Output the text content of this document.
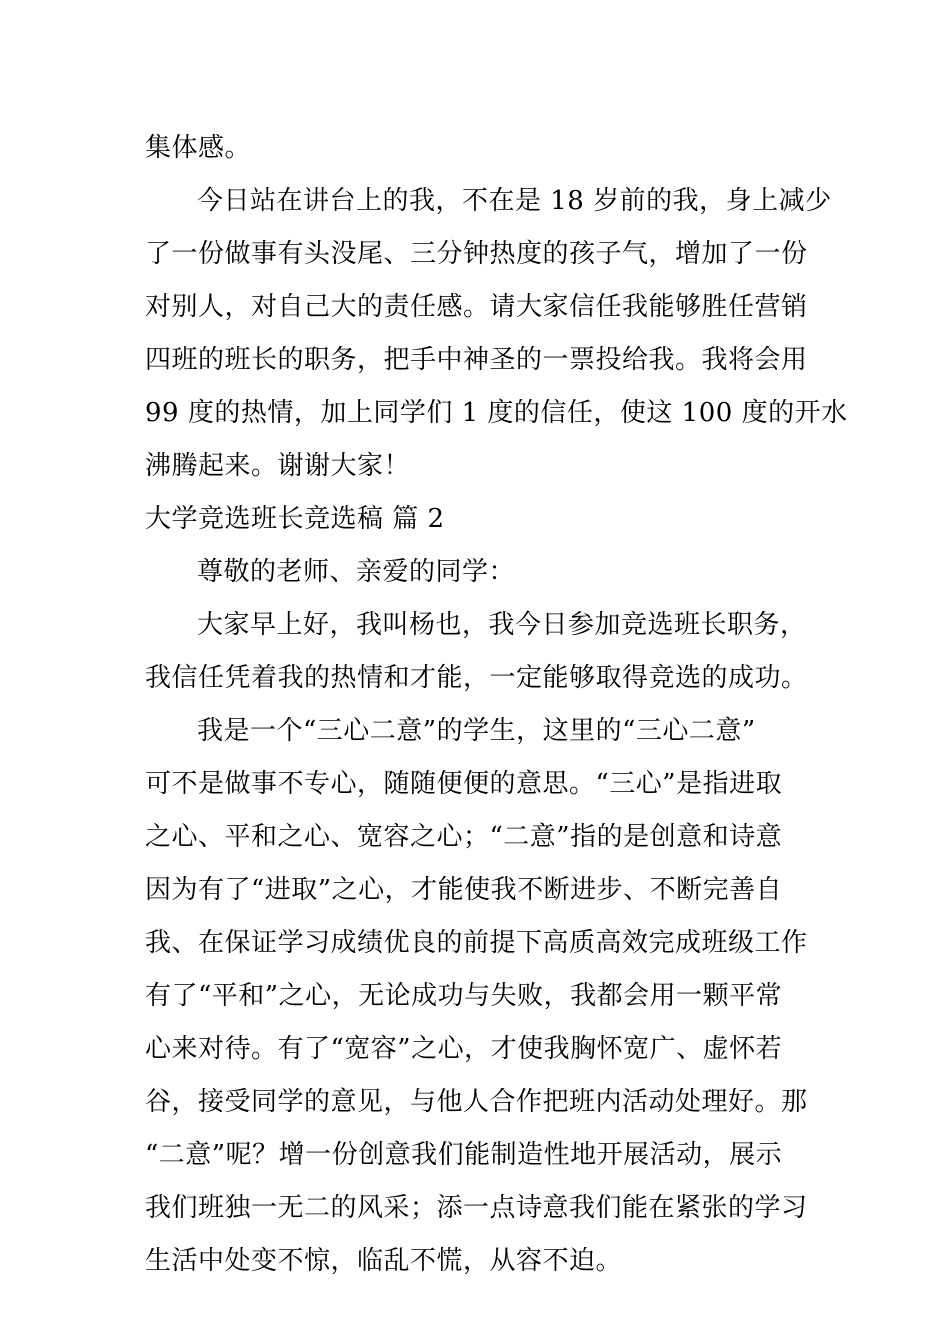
集体感。
今日站在讲台上的我，不在是 18 岁前的我，身上减少
了一份做事有头没尾、三分钟热度的孩子气，增加了一份
对别人，对自己大的责任感。请大家信任我能够胜任营销
四班的班长的职务，把手中神圣的一票投给我。我将会用
99 度的热情，加上同学们 1 度的信任，使这 100 度的开水
沸腾起来。谢谢大家！
大学竞选班长竞选稿 篇 2
尊敬的老师、亲爱的同学：
大家早上好，我叫杨也，我今日参加竞选班长职务，
我信任凭着我的热情和才能，一定能够取得竞选的成功。
我是一个“三心二意”的学生，这里的“三心二意”
可不是做事不专心，随随便便的意思。“三心”是指进取
之心、平和之心、宽容之心；“二意”指的是创意和诗意
因为有了“进取”之心，才能使我不断进步、不断完善自
我、在保证学习成绩优良的前提下高质高效完成班级工作
有了“平和”之心，无论成功与失败，我都会用一颗平常
心来对待。有了“宽容”之心，才使我胸怀宽广、虚怀若
谷，接受同学的意见，与他人合作把班内活动处理好。那
“二意”呢？增一份创意我们能制造性地开展活动，展示
我们班独一无二的风采；添一点诗意我们能在紧张的学习
生活中处变不惊，临乱不慌，从容不迫。
